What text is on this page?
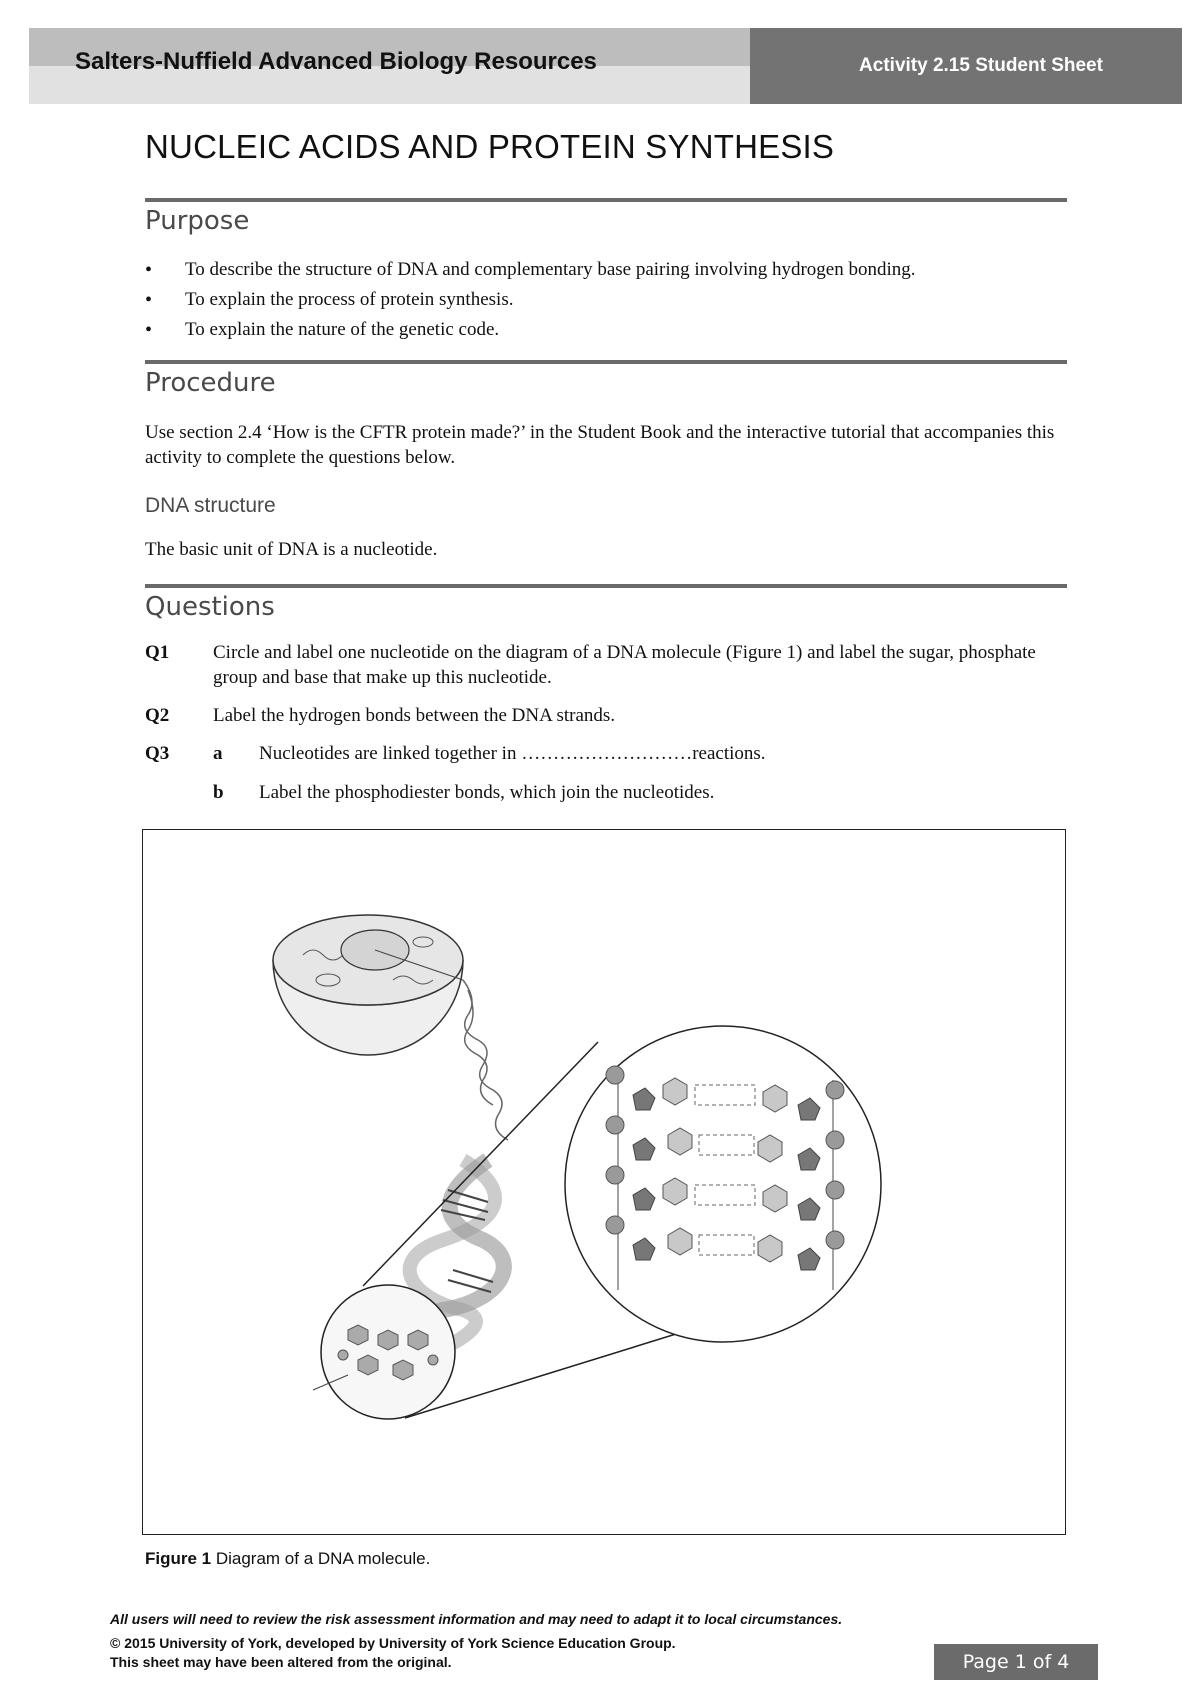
Salters-Nuffield Advanced Biology Resources	Activity 2.15 Student Sheet
NUCLEIC ACIDS AND PROTEIN SYNTHESIS
Purpose
• To describe the structure of DNA and complementary base pairing involving hydrogen bonding.
• To explain the process of protein synthesis.
• To explain the nature of the genetic code.
Procedure
Use section 2.4 ‘How is the CFTR protein made?’ in the Student Book and the interactive tutorial that accompanies this activity to complete the questions below.
DNA structure
The basic unit of DNA is a nucleotide.
Questions
Q1 Circle and label one nucleotide on the diagram of a DNA molecule (Figure 1) and label the sugar, phosphate group and base that make up this nucleotide.
Q2 Label the hydrogen bonds between the DNA strands.
Q3 a Nucleotides are linked together in ………………………reactions.
b Label the phosphodiester bonds, which join the nucleotides.
Figure 1 Diagram of a DNA molecule.
All users will need to review the risk assessment information and may need to adapt it to local circumstances.
© 2015 University of York, developed by University of York Science Education Group.
This sheet may have been altered from the original.	Page 1 of 4
